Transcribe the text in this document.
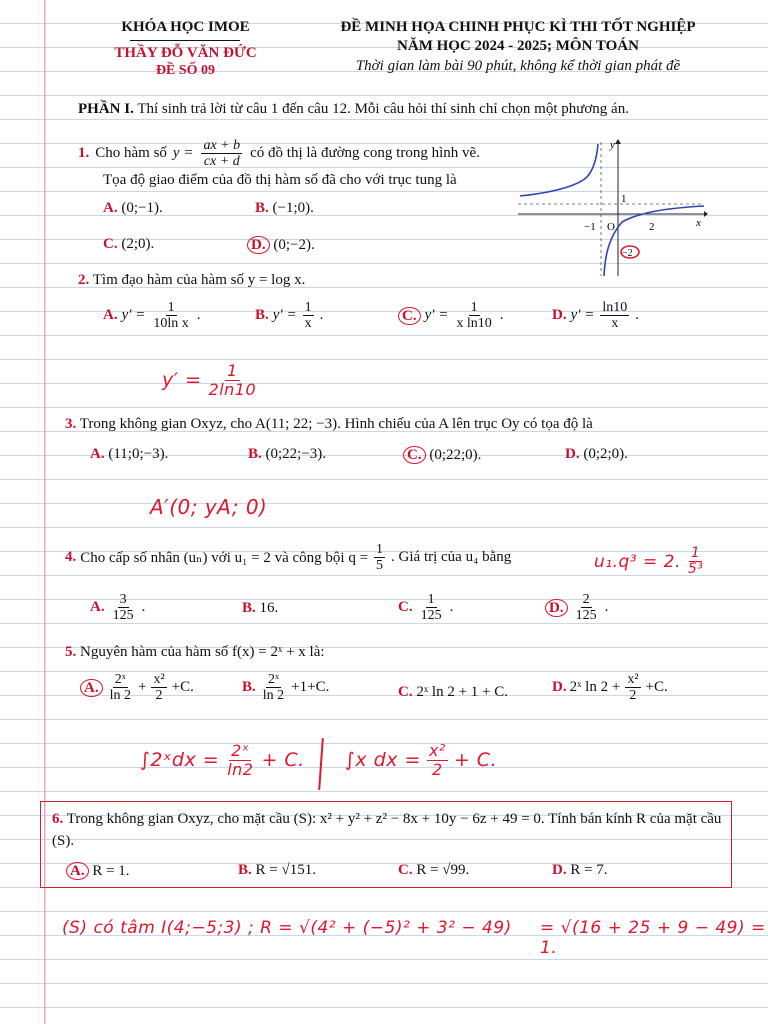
KHÓA HỌC IMOE
THẦY ĐỖ VĂN ĐỨC
ĐỀ SỐ 09
ĐỀ MINH HỌA CHINH PHỤC KÌ THI TỐT NGHIỆP
NĂM HỌC 2024 - 2025; MÔN TOÁN
Thời gian làm bài 90 phút, không kể thời gian phát đề
PHẦN I. Thí sinh trả lời từ câu 1 đến câu 12. Mỗi câu hỏi thí sinh chỉ chọn một phương án.
1. Cho hàm số $y = \frac{ax + b}{cx + d}$ có đồ thị là đường cong trong hình vẽ.
Tọa độ giao điểm của đồ thị hàm số đã cho với trục tung là
A. (0;−1).	B. (−1;0).
C. (2;0).	D. (0;−2).
y
x
1
−1 O	2
−2
2. Tìm đạo hàm của hàm số y = log x.
A. $y' = \frac{1}{\text{10ln x}}$ .	B. $y' = \frac{1}{x}$ .	C. $y' = \frac{1}{\text{x ln10}}$ .	D. $y' = \frac{\ln 10}{x}$ .
$y' = \frac{1}{2\ln 10}$
3. Trong không gian Oxyz, cho A(11; 22; −3). Hình chiếu của A lên trục Oy có tọa độ là
A. (11;0;−3).	B. (0;22;−3).	C. (0;22;0).	D. (0;2;0).
A′(0; yA; 0)
4. Cho cấp số nhân (uₙ) với u₁ = 2 và công bội $q = \frac{1}{5}$ . Giá trị của u₄ bằng	u₁.q³ = 2. $\frac{1}{\text{5³}}$
A. $\frac{3}{125}$ .	B. 16.	C. $\frac{1}{125}$ .	D. $\frac{2}{125}$ .
5. Nguyên hàm của hàm số f(x) = 2ˣ + x là:
A. $\frac{\text{2ˣ}}{\ln 2} + \frac{\text{x²}}{2} +C$.	B. $\frac{\text{2ˣ}}{\ln 2} +1+C$.	C. 2ˣ ln 2 + 1 + C.	D. 2ˣ $\ln 2 + \frac{\text{x²}}{2} +C$.
∫2ˣdx = $\frac{\text{2ˣ}}{\ln 2} + C$. ∫x dx = $\frac{\text{x²}}{2} + C$.
6. Trong không gian Oxyz, cho mặt cầu (S): x² + y² + z² − 8x + 10y − 6z + 49 = 0. Tính bán kính R của mặt cầu (S).
A. R = 1.	B. R = √151.	C. R = √99.	D. R = 7.
(S) có tâm I(4;−5;3) ; R = √(4² + (−5)² + 3² − 49) = √(16 + 25 + 9 − 49) = 1.
